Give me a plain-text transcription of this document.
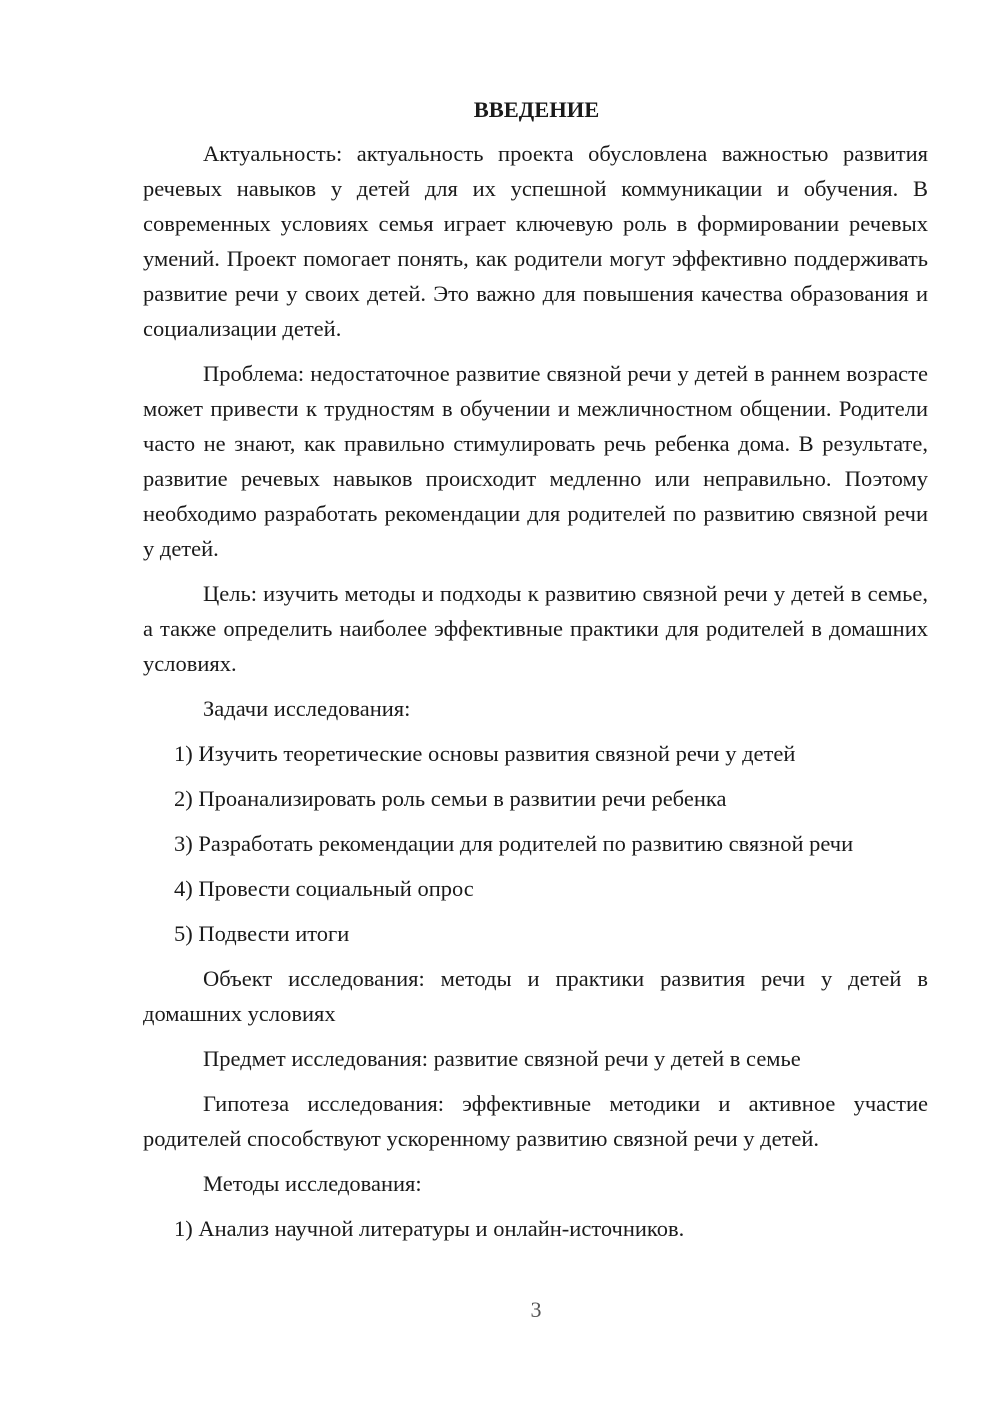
ВВЕДЕНИЕ

Актуальность: актуальность проекта обусловлена важностью развития речевых навыков у детей для их успешной коммуникации и обучения. В современных условиях семья играет ключевую роль в формировании речевых умений. Проект помогает понять, как родители могут эффективно поддерживать развитие речи у своих детей. Это важно для повышения качества образования и социализации детей.

Проблема: недостаточное развитие связной речи у детей в раннем возрасте может привести к трудностям в обучении и межличностном общении. Родители часто не знают, как правильно стимулировать речь ребенка дома. В результате, развитие речевых навыков происходит медленно или неправильно. Поэтому необходимо разработать рекомендации для родителей по развитию связной речи у детей.

Цель: изучить методы и подходы к развитию связной речи у детей в семье, а также определить наиболее эффективные практики для родителей в домашних условиях.

Задачи исследования:

1) Изучить теоретические основы развития связной речи у детей

2) Проанализировать роль семьи в развитии речи ребенка

3) Разработать рекомендации для родителей по развитию связной речи

4) Провести социальный опрос

5) Подвести итоги

Объект исследования: методы и практики развития речи у детей в домашних условиях

Предмет исследования: развитие связной речи у детей в семье

Гипотеза исследования: эффективные методики и активное участие родителей способствуют ускоренному развитию связной речи у детей.

Методы исследования:

1) Анализ научной литературы и онлайн-источников.

3
